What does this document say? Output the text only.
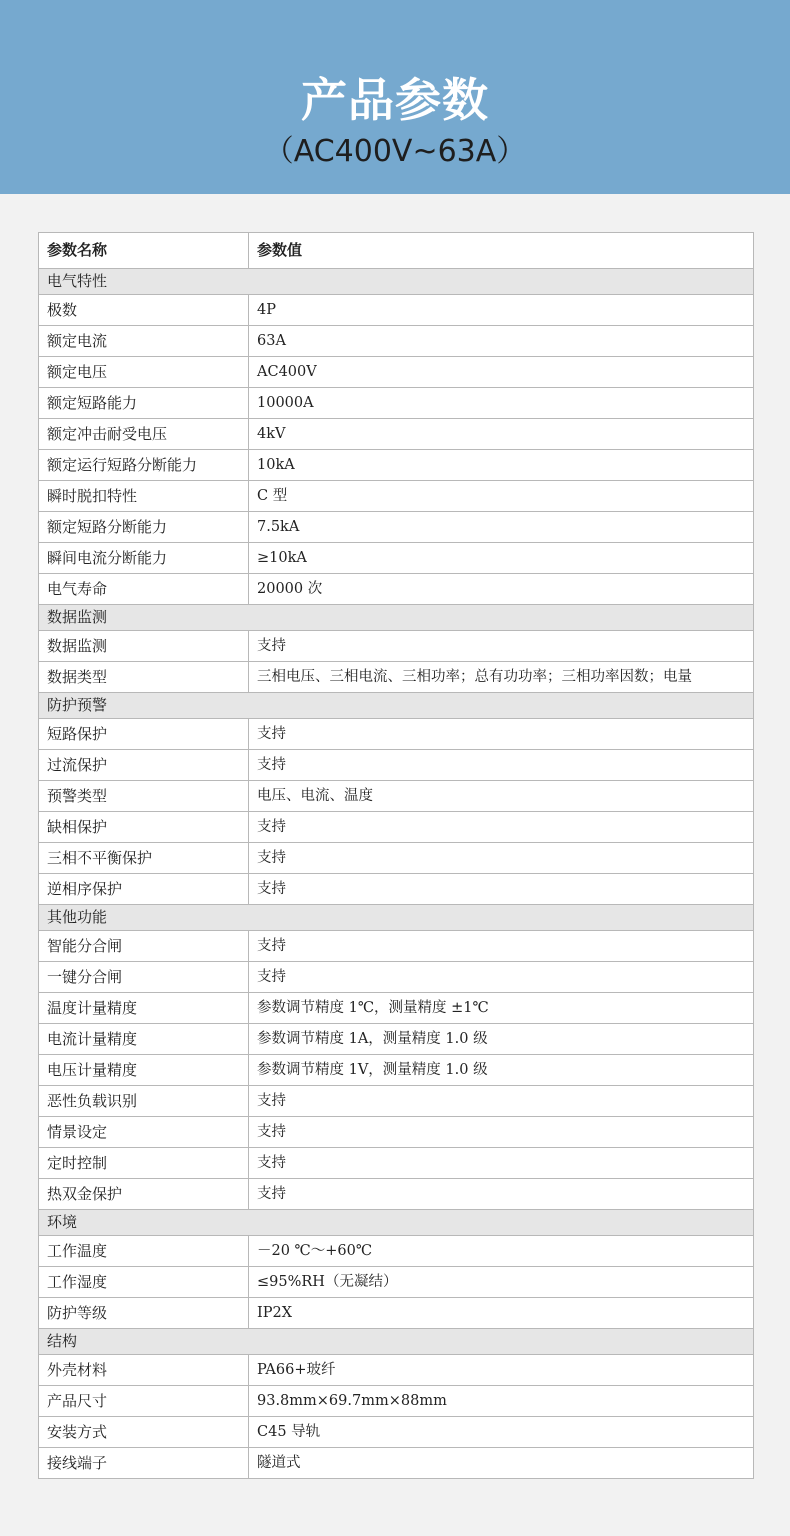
产品参数
（AC400V~63A）
参数名称	参数值
电气特性	
极数	4P
额定电流	63A
额定电压	AC400V
额定短路能力	10000A
额定冲击耐受电压	4kV
额定运行短路分断能力	10kA
瞬时脱扣特性	C 型
额定短路分断能力	7.5kA
瞬间电流分断能力	≥10kA
电气寿命	20000 次
数据监测	
数据监测	支持
数据类型	三相电压、三相电流、三相功率；总有功功率；三相功率因数；电量
防护预警	
短路保护	支持
过流保护	支持
预警类型	电压、电流、温度
缺相保护	支持
三相不平衡保护	支持
逆相序保护	支持
其他功能	
智能分合闸	支持
一键分合闸	支持
温度计量精度	参数调节精度 1℃，测量精度 ±1℃
电流计量精度	参数调节精度 1A，测量精度 1.0 级
电压计量精度	参数调节精度 1V，测量精度 1.0 级
恶性负载识别	支持
情景设定	支持
定时控制	支持
热双金保护	支持
环境	
工作温度	－20 ℃～+60℃
工作湿度	≤95%RH（无凝结）
防护等级	IP2X
结构	
外壳材料	PA66+玻纤
产品尺寸	93.8mm×69.7mm×88mm
安装方式	C45 导轨
接线端子	隧道式
